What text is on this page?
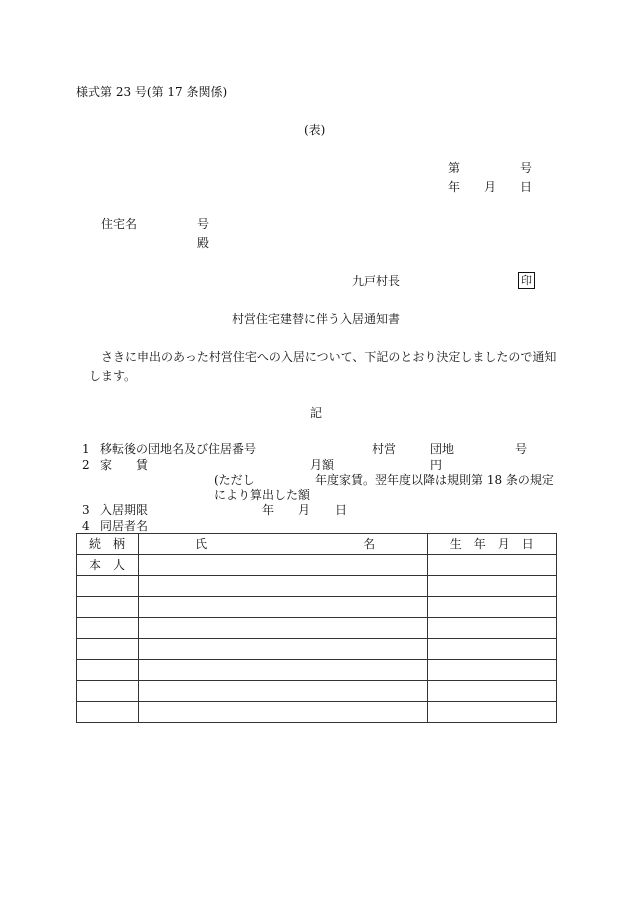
様式第 23 号(第 17 条関係)
(表)
第	号
年 月 日
住宅名	号
殿
九戸村長	印
村営住宅建替に伴う入居通知書
さきに申出のあった村営住宅への入居について、下記のとおり決定しましたので通知
します。
記
1 移転後の団地名及び住居番号	村営	団地	号
2 家　　賃	月額	円
(ただし	年度家賃。翌年度以降は規則第 18 条の規定
により算出した額
3 入居期限	年 月 日
4 同居者名
続　柄	氏 名	生　年　月　日

本　人		
